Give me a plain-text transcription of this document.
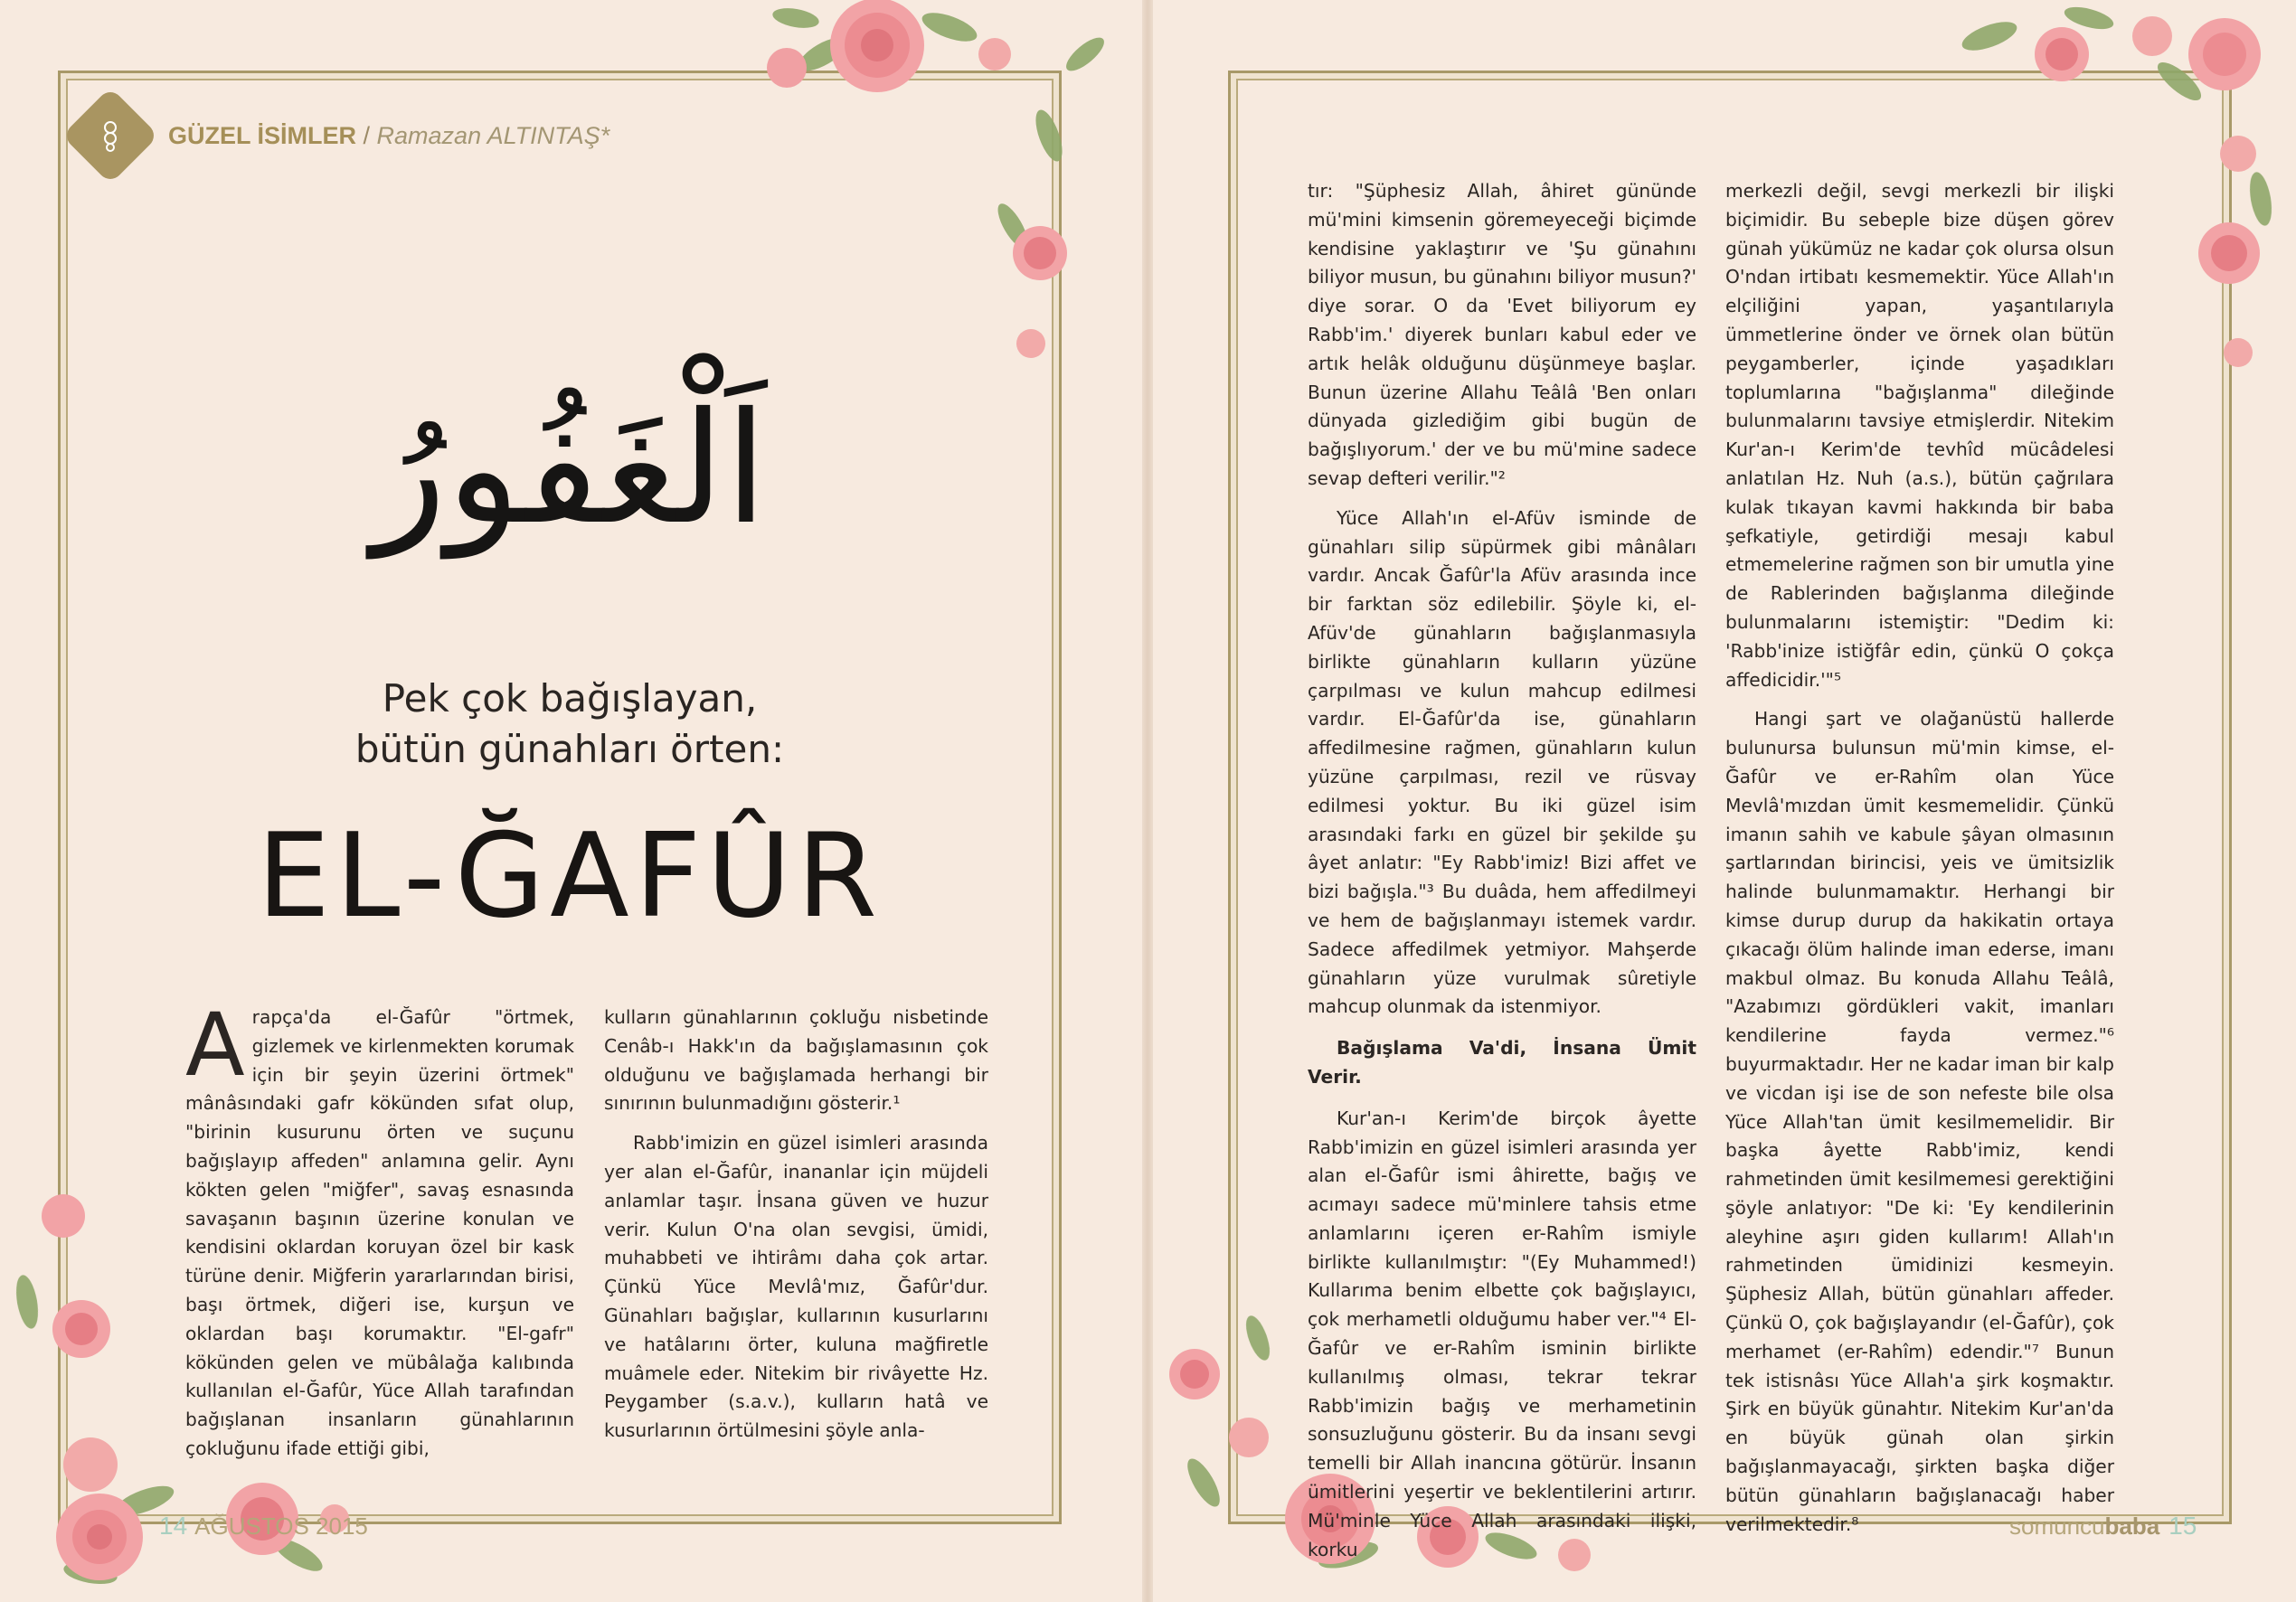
GÜZEL İSİMLER / Ramazan ALTINTAŞ*
اَلْغَفُورُ
Pek çok bağışlayan,
bütün günahları örten:
EL-ĞAFÛR

Arapça'da el-Ğafûr "örtmek, gizlemek ve kirlenmekten korumak için bir şeyin üzerini örtmek" mânâsındaki gafr kökünden sıfat olup, "birinin kusurunu örten ve suçunu bağışlayıp affeden" anlamına gelir. Aynı kökten gelen "miğfer", savaş esnasında savaşanın başının üzerine konulan ve kendisini oklardan koruyan özel bir kask türüne denir. Miğferin yararlarından birisi, başı örtmek, diğeri ise, kurşun ve oklardan başı korumaktır. "El-gafr" kökünden gelen ve mübâlağa kalıbında kullanılan el-Ğafûr, Yüce Allah tarafından bağışlanan insanların günahlarının çokluğunu ifade ettiği gibi,

kulların günahlarının çokluğu nisbetinde Cenâb-ı Hakk'ın da bağışlamasının çok olduğunu ve bağışlamada herhangi bir sınırının bulunmadığını gösterir.¹

Rabb'imizin en güzel isimleri arasında yer alan el-Ğafûr, inananlar için müjdeli anlamlar taşır. İnsana güven ve huzur verir. Kulun O'na olan sevgisi, ümidi, muhabbeti ve ihtirâmı daha çok artar. Çünkü Yüce Mevlâ'mız, Ğafûr'dur. Günahları bağışlar, kullarının kusurlarını ve hatâlarını örter, kuluna mağfiretle muâmele eder. Nitekim bir rivâyette Hz. Peygamber (s.a.v.), kulların hatâ ve kusurlarının örtülmesini şöyle anla-

tır: "Şüphesiz Allah, âhiret gününde mü'mini kimsenin göremeyeceği biçimde kendisine yaklaştırır ve 'Şu günahını biliyor musun, bu günahını biliyor musun?' diye sorar. O da 'Evet biliyorum ey Rabb'im.' diyerek bunları kabul eder ve artık helâk olduğunu düşünmeye başlar. Bunun üzerine Allahu Teâlâ 'Ben onları dünyada gizlediğim gibi bugün de bağışlıyorum.' der ve bu mü'mine sadece sevap defteri verilir."²

Yüce Allah'ın el-Afüv isminde de günahları silip süpürmek gibi mânâları vardır. Ancak Ğafûr'la Afüv arasında ince bir farktan söz edilebilir. Şöyle ki, el-Afüv'de günahların bağışlanmasıyla birlikte günahların kulların yüzüne çarpılması ve kulun mahcup edilmesi vardır. El-Ğafûr'da ise, günahların affedilmesine rağmen, günahların kulun yüzüne çarpılması, rezil ve rüsvay edilmesi yoktur. Bu iki güzel isim arasındaki farkı en güzel bir şekilde şu âyet anlatır: "Ey Rabb'imiz! Bizi affet ve bizi bağışla."³ Bu duâda, hem affedilmeyi ve hem de bağışlanmayı istemek vardır. Sadece affedilmek yetmiyor. Mahşerde günahların yüze vurulmak sûretiyle mahcup olunmak da istenmiyor.

Bağışlama Va'di, İnsana Ümit Verir.

Kur'an-ı Kerim'de birçok âyette Rabb'imizin en güzel isimleri arasında yer alan el-Ğafûr ismi âhirette, bağış ve acımayı sadece mü'minlere tahsis etme anlamlarını içeren er-Rahîm ismiyle birlikte kullanılmıştır: "(Ey Muhammed!) Kullarıma benim elbette çok bağışlayıcı, çok merhametli olduğumu haber ver."⁴ El-Ğafûr ve er-Rahîm isminin birlikte kullanılmış olması, tekrar tekrar Rabb'imizin bağış ve merhametinin sonsuzluğunu gösterir. Bu da insanı sevgi temelli bir Allah inancına götürür. İnsanın ümitlerini yeşertir ve beklentilerini artırır. Mü'minle Yüce Allah arasındaki ilişki, korku

merkezli değil, sevgi merkezli bir ilişki biçimidir. Bu sebeple bize düşen görev günah yükümüz ne kadar çok olursa olsun O'ndan irtibatı kesmemektir. Yüce Allah'ın elçiliğini yapan, yaşantılarıyla ümmetlerine önder ve örnek olan bütün peygamberler, içinde yaşadıkları toplumlarına "bağışlanma" dileğinde bulunmalarını tavsiye etmişlerdir. Nitekim Kur'an-ı Kerim'de tevhîd mücâdelesi anlatılan Hz. Nuh (a.s.), bütün çağrılara kulak tıkayan kavmi hakkında bir baba şefkatiyle, getirdiği mesajı kabul etmemelerine rağmen son bir umutla yine de Rablerinden bağışlanma dileğinde bulunmalarını istemiştir: "Dedim ki: 'Rabb'inize istiğfâr edin, çünkü O çokça affedicidir.'"⁵

Hangi şart ve olağanüstü hallerde bulunursa bulunsun mü'min kimse, el-Ğafûr ve er-Rahîm olan Yüce Mevlâ'mızdan ümit kesmemelidir. Çünkü imanın sahih ve kabule şâyan olmasının şartlarından birincisi, yeis ve ümitsizlik halinde bulunmamaktır. Herhangi bir kimse durup durup da hakikatin ortaya çıkacağı ölüm halinde iman ederse, imanı makbul olmaz. Bu konuda Allahu Teâlâ, "Azabımızı gördükleri vakit, imanları kendilerine fayda vermez."⁶ buyurmaktadır. Her ne kadar iman bir kalp ve vicdan işi ise de son nefeste bile olsa Yüce Allah'tan ümit kesilmemelidir. Bir başka âyette Rabb'imiz, kendi rahmetinden ümit kesilmemesi gerektiğini şöyle anlatıyor: "De ki: 'Ey kendilerinin aleyhine aşırı giden kullarım! Allah'ın rahmetinden ümidinizi kesmeyin. Şüphesiz Allah, bütün günahları affeder. Çünkü O, çok bağışlayandır (el-Ğafûr), çok merhamet (er-Rahîm) edendir."⁷ Bunun tek istisnâsı Yüce Allah'a şirk koşmaktır. Şirk en büyük günahtır. Nitekim Kur'an'da en büyük günah olan şirkin bağışlanmayacağı, şirkten başka diğer bütün günahların bağışlanacağı haber verilmektedir.⁸

14 AĞUSTOS 2015	somuncubaba 15
